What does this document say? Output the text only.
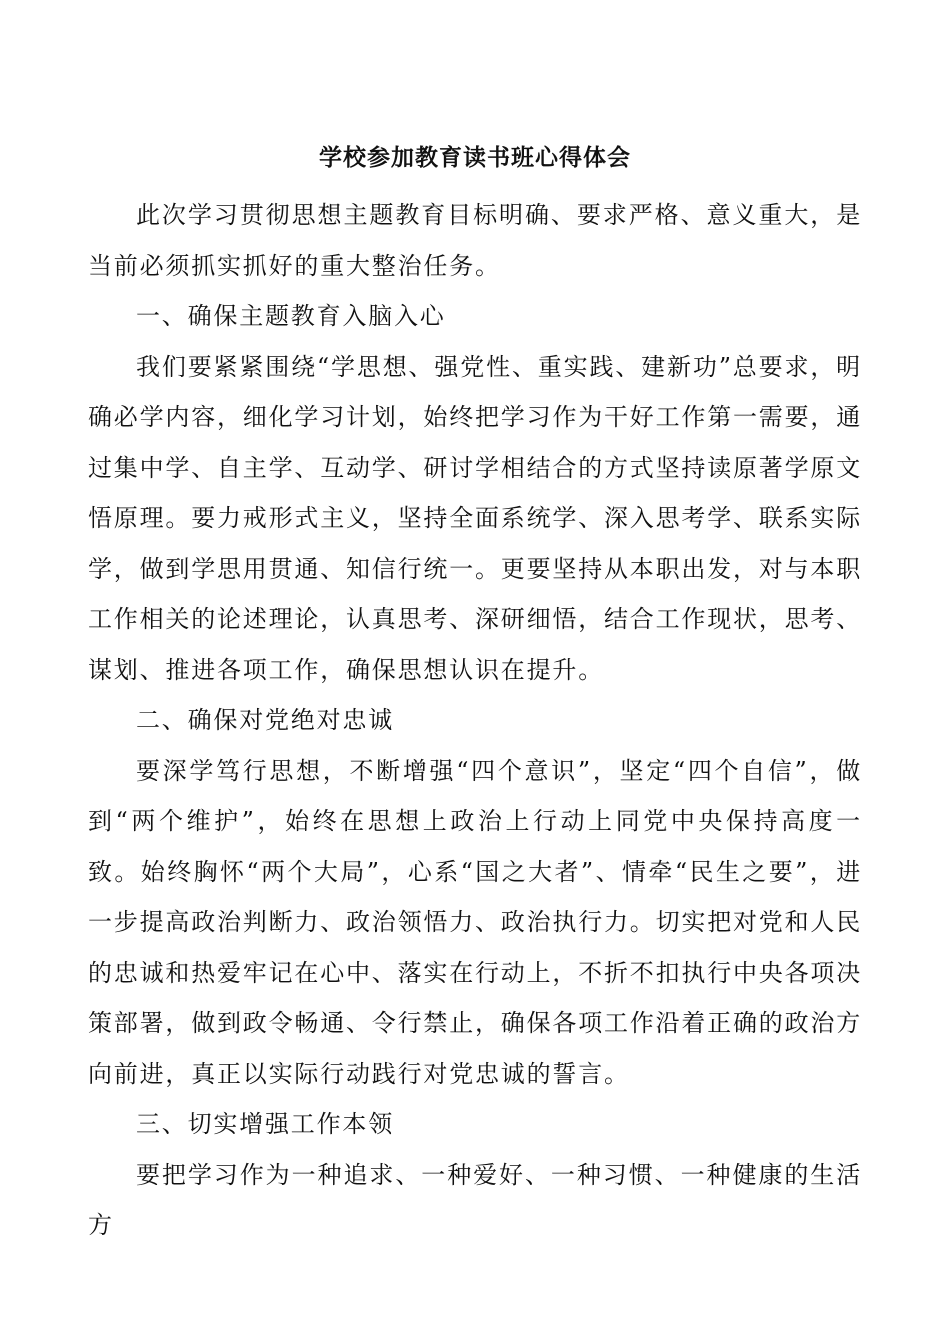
学校参加教育读书班心得体会

此次学习贯彻思想主题教育目标明确、要求严格、意义重大，是当前必须抓实抓好的重大整治任务。

一、确保主题教育入脑入心

我们要紧紧围绕“学思想、强党性、重实践、建新功”总要求，明确必学内容，细化学习计划，始终把学习作为干好工作第一需要，通过集中学、自主学、互动学、研讨学相结合的方式坚持读原著学原文悟原理。要力戒形式主义，坚持全面系统学、深入思考学、联系实际学，做到学思用贯通、知信行统一。更要坚持从本职出发，对与本职工作相关的论述理论，认真思考、深研细悟，结合工作现状，思考、谋划、推进各项工作，确保思想认识在提升。

二、确保对党绝对忠诚

要深学笃行思想，不断增强“四个意识”，坚定“四个自信”，做到“两个维护”，始终在思想上政治上行动上同党中央保持高度一致。始终胸怀“两个大局”，心系“国之大者”、情牵“民生之要”，进一步提高政治判断力、政治领悟力、政治执行力。切实把对党和人民的忠诚和热爱牢记在心中、落实在行动上，不折不扣执行中央各项决策部署，做到政令畅通、令行禁止，确保各项工作沿着正确的政治方向前进，真正以实际行动践行对党忠诚的誓言。

三、切实增强工作本领

要把学习作为一种追求、一种爱好、一种习惯、一种健康的生活方
